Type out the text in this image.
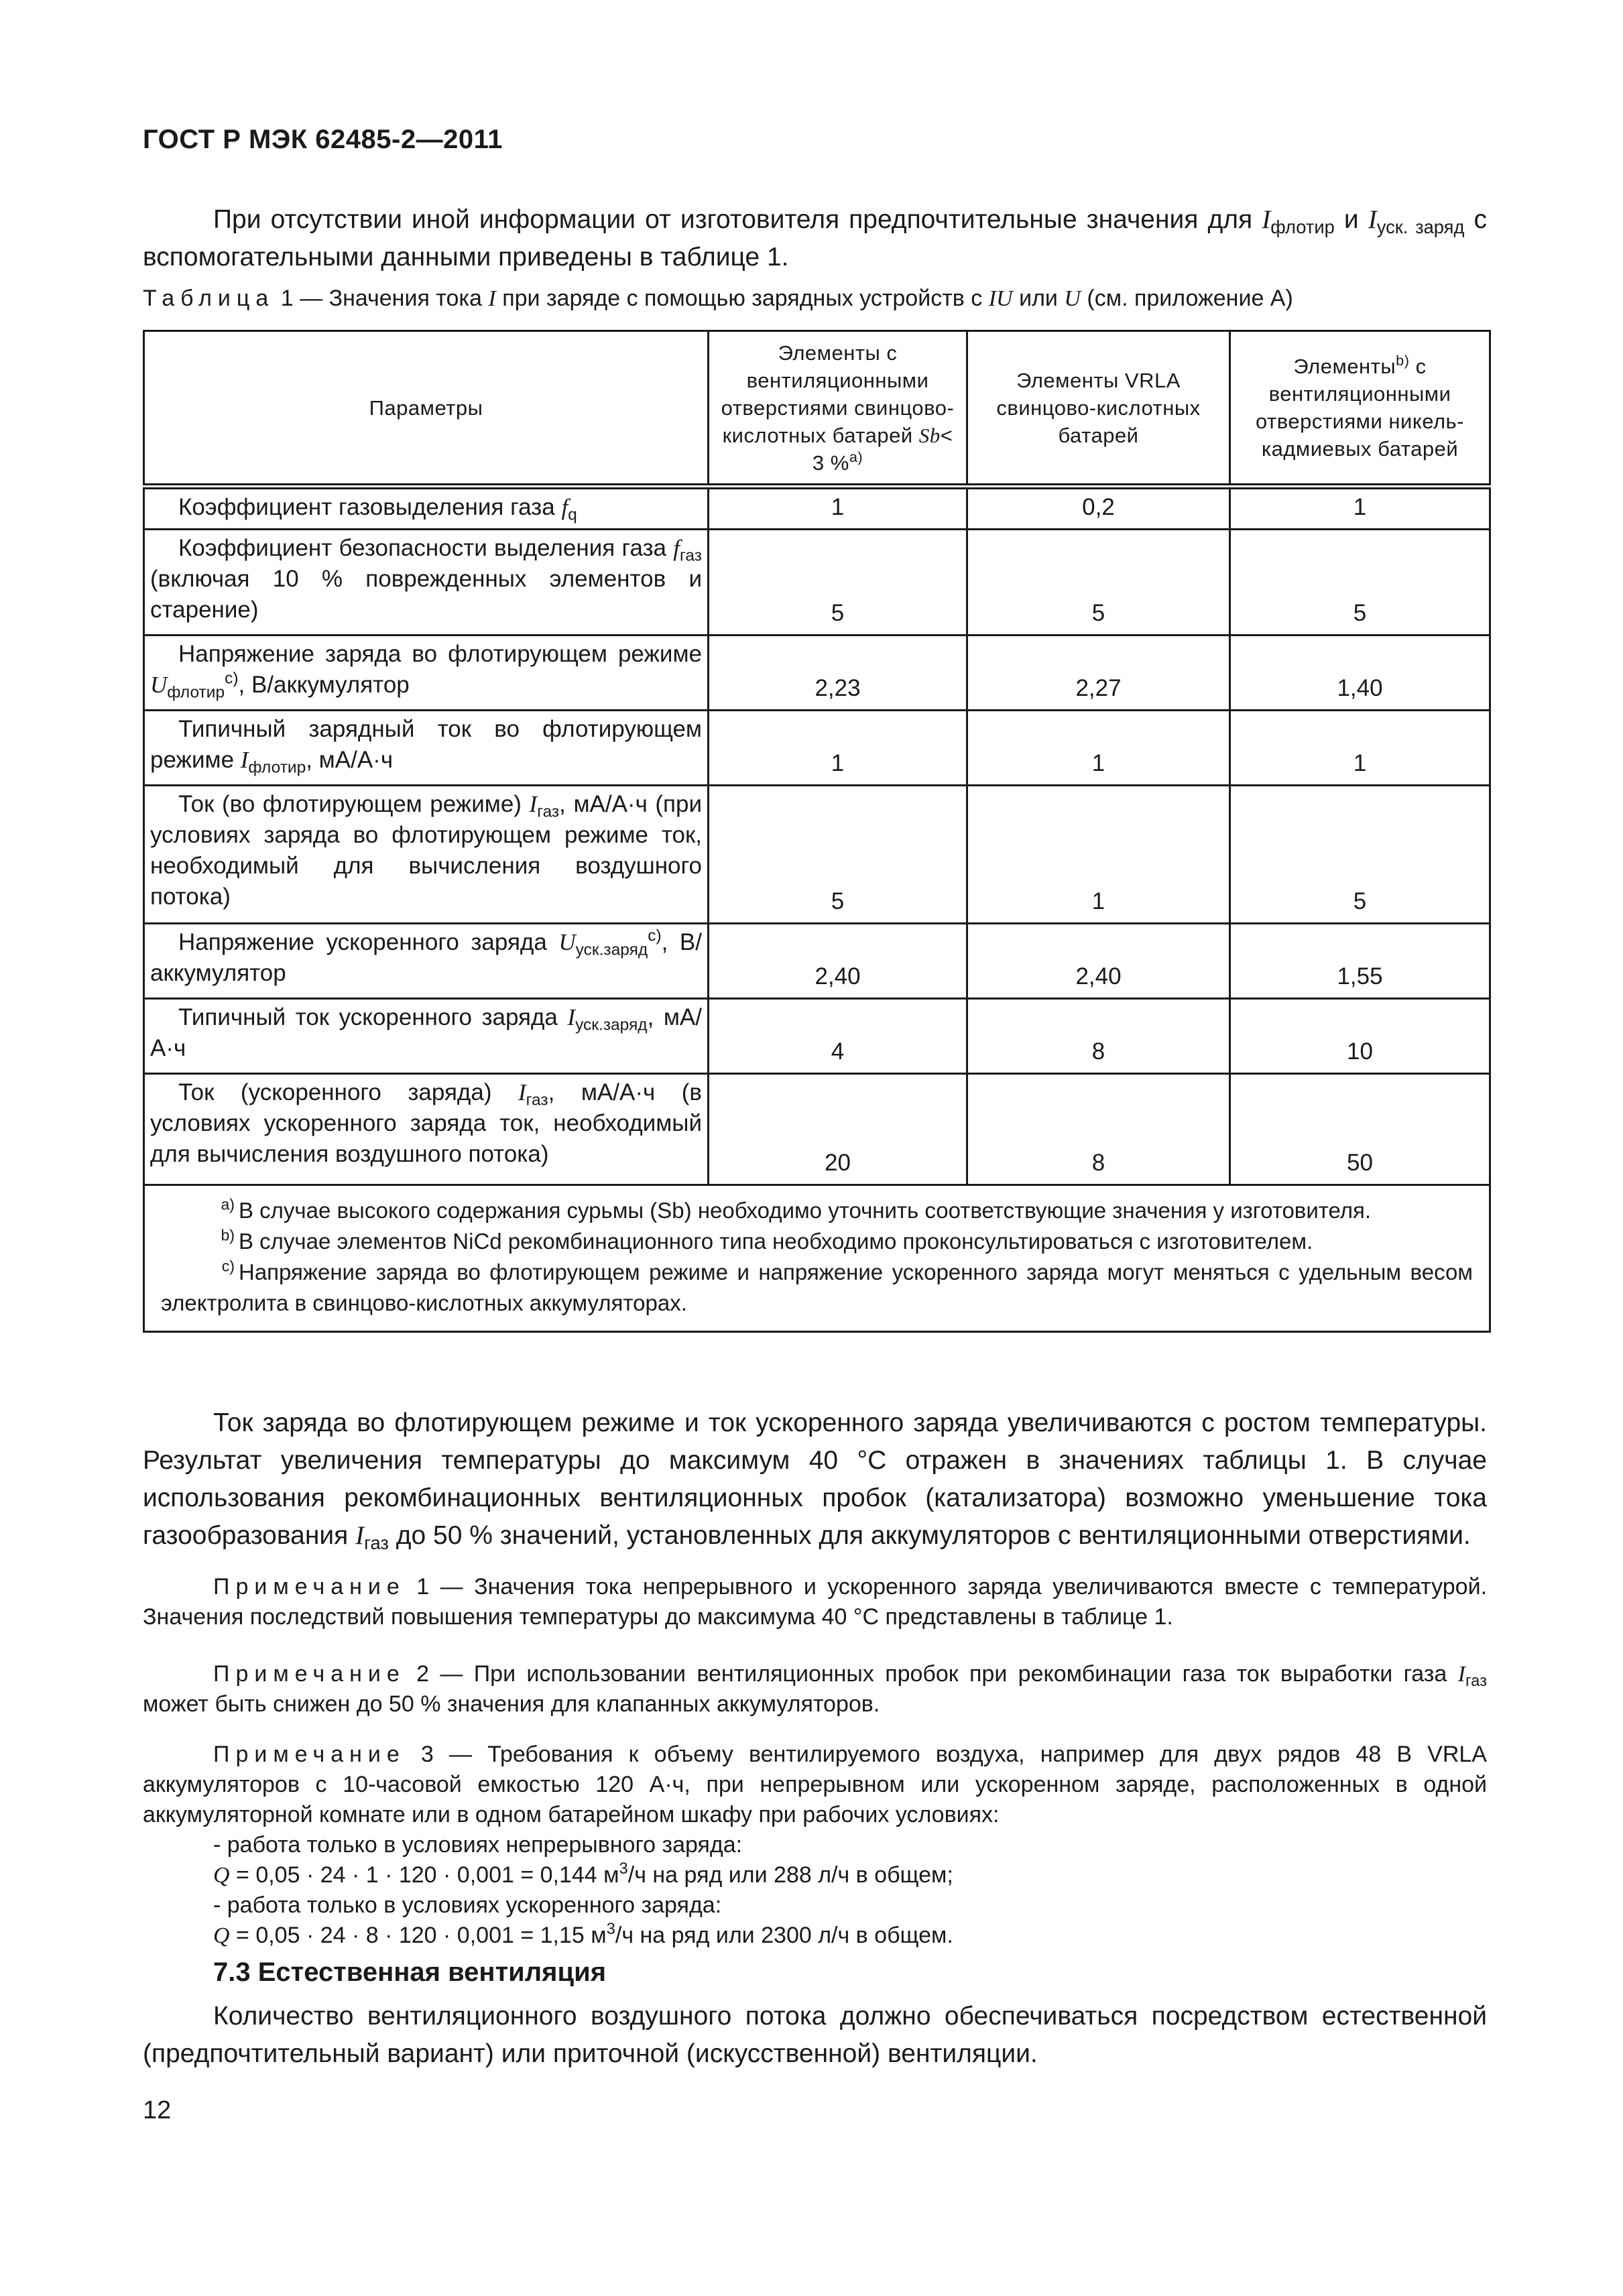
ГОСТ Р МЭК 62485-2—2011
При отсутствии иной информации от изготовителя предпочтительные значения для $I_{флотир}$ и $I_{уск. заряд}$ с вспомогательными данными приведены в таблице 1.
Таблица 1 — Значения тока I при заряде с помощью зарядных устройств с IU или U (см. приложение А)
Параметры	Элементы с вентиляционными отверстиями свинцово-кислотных батарей Sb< 3 %$^{a)}$	Элементы VRLA свинцово-кислотных батарей	Элементы$^{b)}$ с вентиляционными отверстиями никель-кадмиевых батарей
Коэффициент газовыделения газа $f_q$	1	0,2	1
Коэффициент безопасности выделения газа $f_{газ}$ (включая 10 % поврежденных элементов и старение)	5	5	5
Напряжение заряда во флотирующем режиме $U_{флотир}^{c)}$, В/аккумулятор	2,23	2,27	1,40
Типичный зарядный ток во флотирующем режиме $I_{флотир}$, мА/А·ч	1	1	1
Ток (во флотирующем режиме) $I_{газ}$, мА/А·ч (при условиях заряда во флотирующем режиме ток, необходимый для вычисления воздушного потока)	5	1	5
Напряжение ускоренного заряда $U_{уск.заряд}^{c)}$, В/аккумулятор	2,40	2,40	1,55
Типичный ток ускоренного заряда $I_{уск.заряд}$, мА/А·ч	4	8	10
Ток (ускоренного заряда) $I_{газ}$, мА/А·ч (в условиях ускоренного заряда ток, необходимый для вычисления воздушного потока)	20	8	50

$^{a)}$ В случае высокого содержания сурьмы (Sb) необходимо уточнить соответствующие значения у изготовителя.
$^{b)}$ В случае элементов NiCd рекомбинационного типа необходимо проконсультироваться с изготовителем.
$^{c)}$ Напряжение заряда во флотирующем режиме и напряжение ускоренного заряда могут меняться с удельным весом электролита в свинцово-кислотных аккумуляторах.			
Ток заряда во флотирующем режиме и ток ускоренного заряда увеличиваются с ростом температуры. Результат увеличения температуры до максимум 40 °С отражен в значениях таблицы 1. В случае использования рекомбинационных вентиляционных пробок (катализатора) возможно уменьшение тока газообразования $I_{газ}$ до 50 % значений, установленных для аккумуляторов с вентиляционными отверстиями.
Примечание 1 — Значения тока непрерывного и ускоренного заряда увеличиваются вместе с температурой. Значения последствий повышения температуры до максимума 40 °С представлены в таблице 1.
Примечание 2 — При использовании вентиляционных пробок при рекомбинации газа ток выработки газа $I_{газ}$ может быть снижен до 50 % значения для клапанных аккумуляторов.
Примечание 3 — Требования к объему вентилируемого воздуха, например для двух рядов 48 В VRLA аккумуляторов с 10-часовой емкостью 120 А·ч, при непрерывном или ускоренном заряде, расположенных в одной аккумуляторной комнате или в одном батарейном шкафу при рабочих условиях:
- работа только в условиях непрерывного заряда:
Q = 0,05 · 24 · 1 · 120 · 0,001 = 0,144 $м^3/ч$ на ряд или 288 л/ч в общем;
- работа только в условиях ускоренного заряда:
Q = 0,05 · 24 · 8 · 120 · 0,001 = 1,15 $м^3/ч$ на ряд или 2300 л/ч в общем.
7.3 Естественная вентиляция
Количество вентиляционного воздушного потока должно обеспечиваться посредством естественной (предпочтительный вариант) или приточной (искусственной) вентиляции.
12
